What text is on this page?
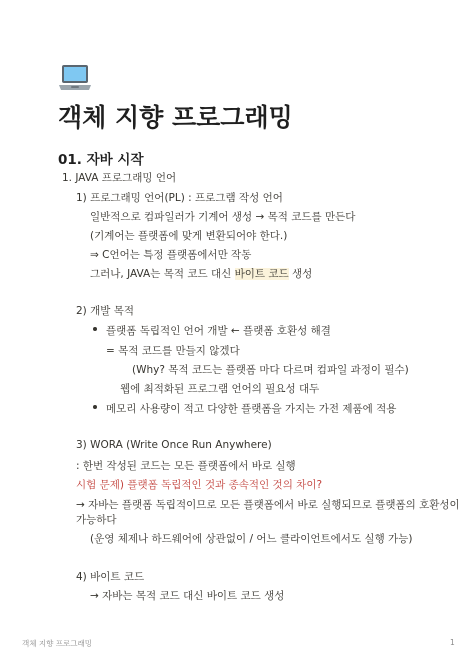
객체 지향 프로그래밍
01. 자바 시작
1. JAVA 프로그래밍 언어
1) 프로그래밍 언어(PL) : 프로그램 작성 언어
일반적으로 컴파일러가 기계어 생성 → 목적 코드를 만든다
(기계어는 플랫폼에 맞게 변환되어야 한다.)
⇒ C언어는 특정 플랫폼에서만 작동
그러나, JAVA는 목적 코드 대신 바이트 코드 생성
2) 개발 목적
플랫폼 독립적인 언어 개발 ← 플랫폼 호환성 해결
= 목적 코드를 만들지 않겠다
(Why? 목적 코드는 플랫폼 마다 다르며 컴파일 과정이 필수)
웹에 최적화된 프로그램 언어의 필요성 대두
메모리 사용량이 적고 다양한 플랫폼을 가지는 가전 제품에 적용
3) WORA (Write Once Run Anywhere)
: 한번 작성된 코드는 모든 플랫폼에서 바로 실행
시험 문제) 플랫폼 독립적인 것과 종속적인 것의 차이?
→ 자바는 플랫폼 독립적이므로 모든 플랫폼에서 바로 실행되므로 플랫폼의 호환성이
가능하다
(운영 체제나 하드웨어에 상관없이 / 어느 클라이언트에서도 실행 가능)
4) 바이트 코드
→ 자바는 목적 코드 대신 바이트 코드 생성
객체 지향 프로그래밍	1
